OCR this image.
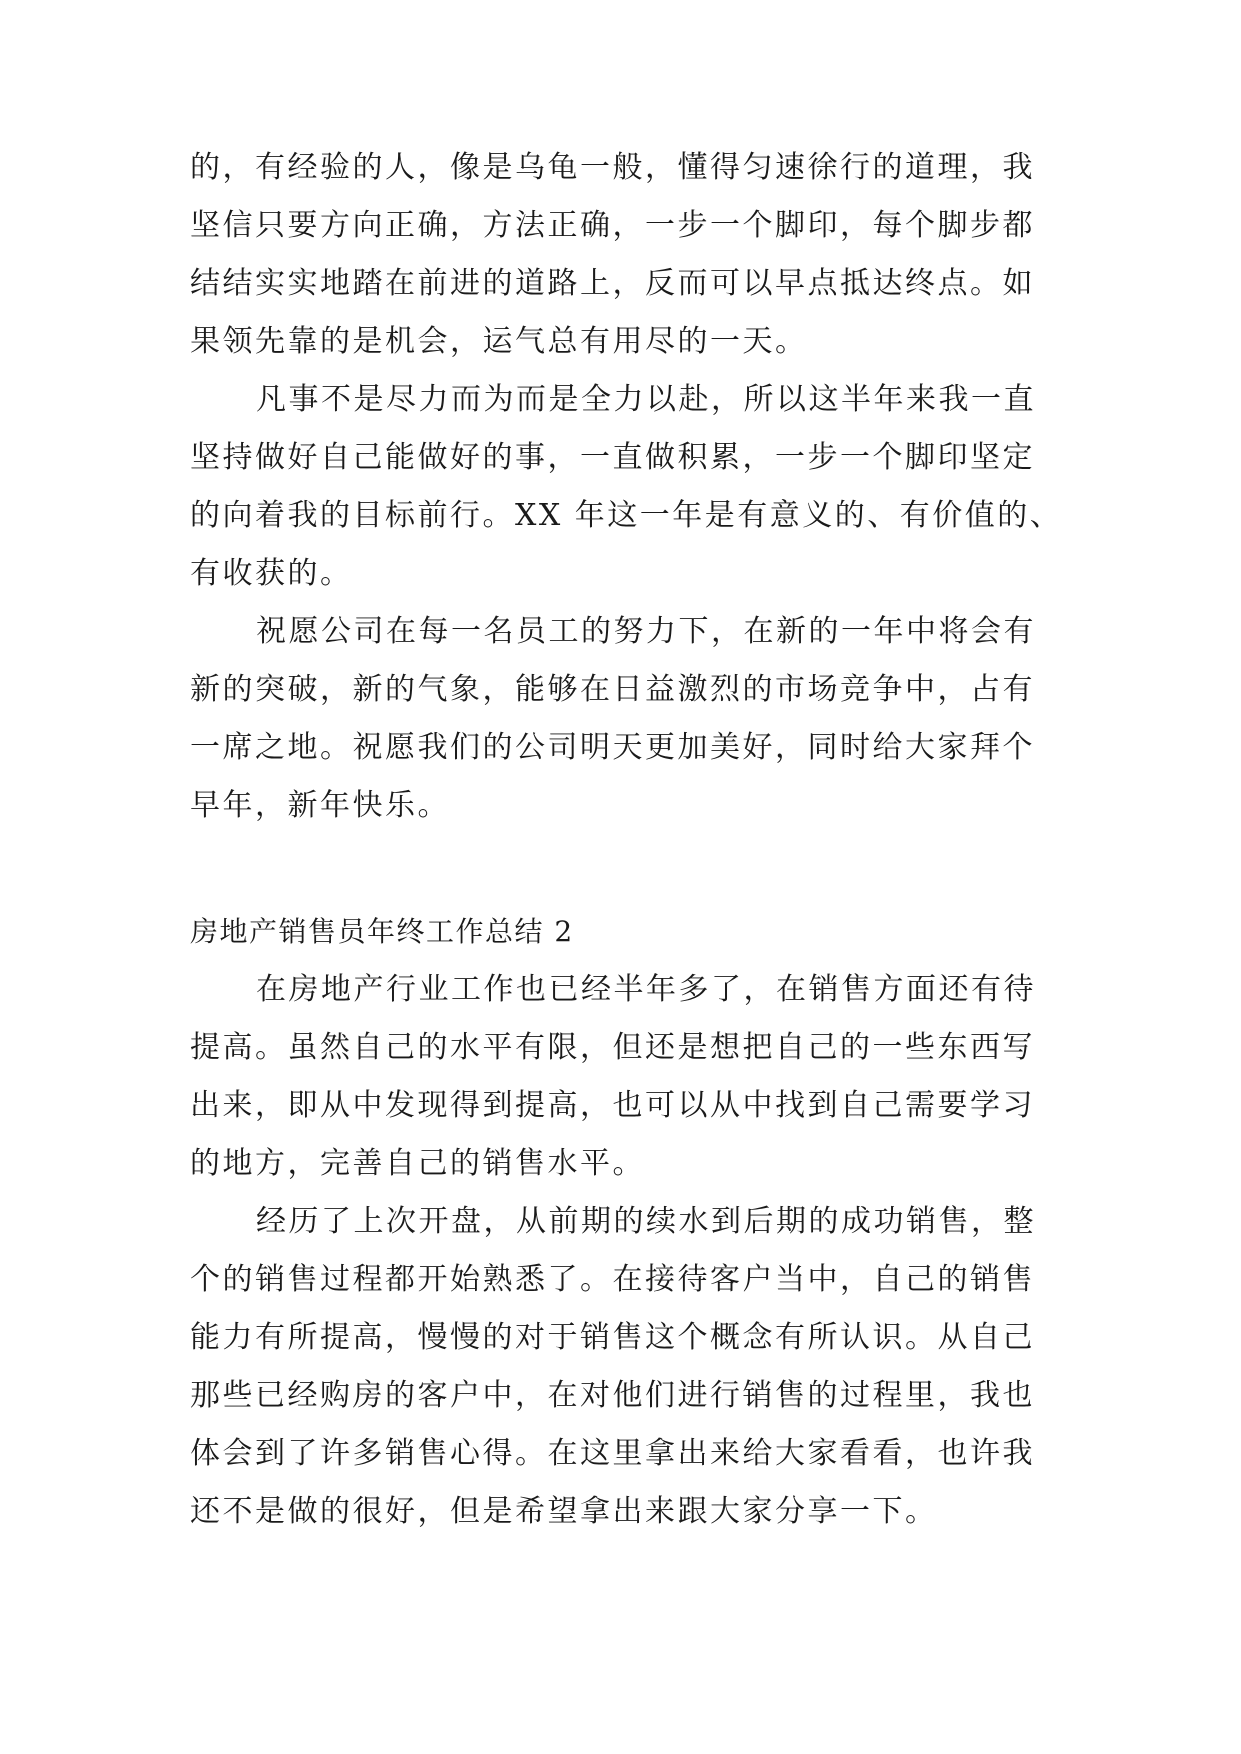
的，有经验的人，像是乌龟一般，懂得匀速徐行的道理，我
坚信只要方向正确，方法正确，一步一个脚印，每个脚步都
结结实实地踏在前进的道路上，反而可以早点抵达终点。如
果领先靠的是机会，运气总有用尽的一天。

凡事不是尽力而为而是全力以赴，所以这半年来我一直
坚持做好自己能做好的事，一直做积累，一步一个脚印坚定
的向着我的目标前行。XX 年这一年是有意义的、有价值的、
有收获的。

祝愿公司在每一名员工的努力下，在新的一年中将会有
新的突破，新的气象，能够在日益激烈的市场竞争中，占有
一席之地。祝愿我们的公司明天更加美好，同时给大家拜个
早年，新年快乐。

房地产销售员年终工作总结 2

在房地产行业工作也已经半年多了，在销售方面还有待
提高。虽然自己的水平有限，但还是想把自己的一些东西写
出来，即从中发现得到提高，也可以从中找到自己需要学习
的地方，完善自己的销售水平。

经历了上次开盘，从前期的续水到后期的成功销售，整
个的销售过程都开始熟悉了。在接待客户当中，自己的销售
能力有所提高，慢慢的对于销售这个概念有所认识。从自己
那些已经购房的客户中，在对他们进行销售的过程里，我也
体会到了许多销售心得。在这里拿出来给大家看看，也许我
还不是做的很好，但是希望拿出来跟大家分享一下。
